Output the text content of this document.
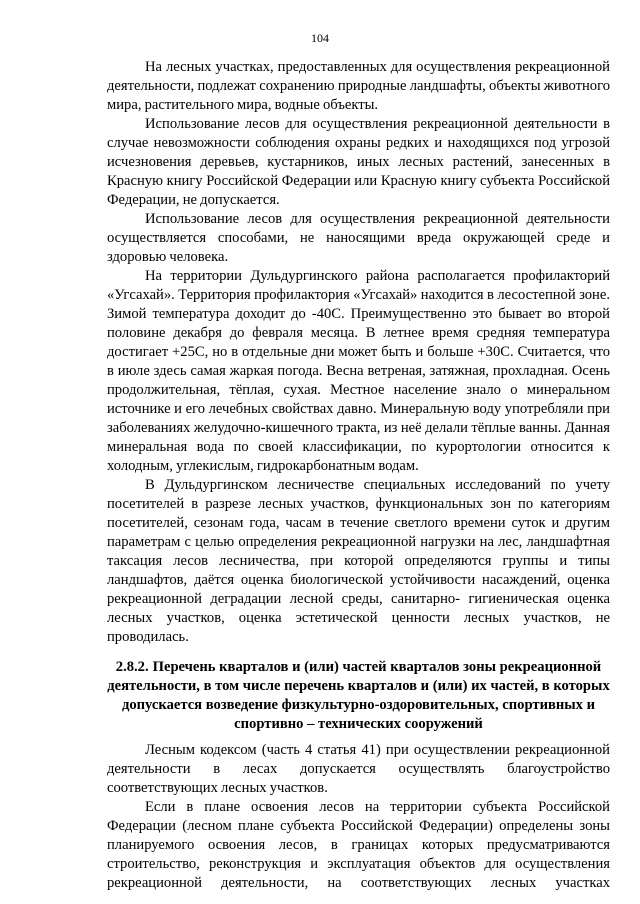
104

На лесных участках, предоставленных для осуществления рекреационной деятельности, подлежат сохранению природные ландшафты, объекты животного мира, растительного мира, водные объекты.

Использование лесов для осуществления рекреационной деятельности в случае невозможности соблюдения охраны редких и находящихся под угрозой исчезновения деревьев, кустарников, иных лесных растений, занесенных в Красную книгу Российской Федерации или Красную книгу субъекта Российской Федерации, не допускается.

Использование лесов для осуществления рекреационной деятельности осуществляется способами, не наносящими вреда окружающей среде и здоровью человека.

На территории Дульдургинского района располагается профилакторий «Угсахай». Территория профилактория «Угсахай» находится в лесостепной зоне. Зимой температура доходит до -40С. Преимущественно это бывает во второй половине декабря до февраля месяца. В летнее время средняя температура достигает +25С, но в отдельные дни может быть и больше +30С. Считается, что в июле здесь самая жаркая погода. Весна ветреная, затяжная, прохладная. Осень продолжительная, тёплая, сухая. Местное население знало о минеральном источнике и его лечебных свойствах давно. Минеральную воду употребляли при заболеваниях желудочно-кишечного тракта, из неё делали тёплые ванны. Данная минеральная вода по своей классификации, по курортологии относится к холодным, углекислым, гидрокарбонатным водам.

В Дульдургинском лесничестве специальных исследований по учету посетителей в разрезе лесных участков, функциональных зон по категориям посетителей, сезонам года, часам в течение светлого времени суток и другим параметрам с целью определения рекреационной нагрузки на лес, ландшафтная таксация лесов лесничества, при которой определяются группы и типы ландшафтов, даётся оценка биологической устойчивости насаждений, оценка рекреационной деградации лесной среды, санитарно- гигиеническая оценка лесных участков, оценка эстетической ценности лесных участков, не проводилась.

2.8.2. Перечень кварталов и (или) частей кварталов зоны рекреационной деятельности, в том числе перечень кварталов и (или) их частей, в которых допускается возведение физкультурно-оздоровительных, спортивных и спортивно – технических сооружений

Лесным кодексом (часть 4 статья 41) при осуществлении рекреационной деятельности в лесах допускается осуществлять благоустройство соответствующих лесных участков.

Если в плане освоения лесов на территории субъекта Российской Федерации (лесном плане субъекта Российской Федерации) определены зоны планируемого освоения лесов, в границах которых предусматриваются строительство, реконструкция и эксплуатация объектов для осуществления рекреационной деятельности, на соответствующих лесных участках
